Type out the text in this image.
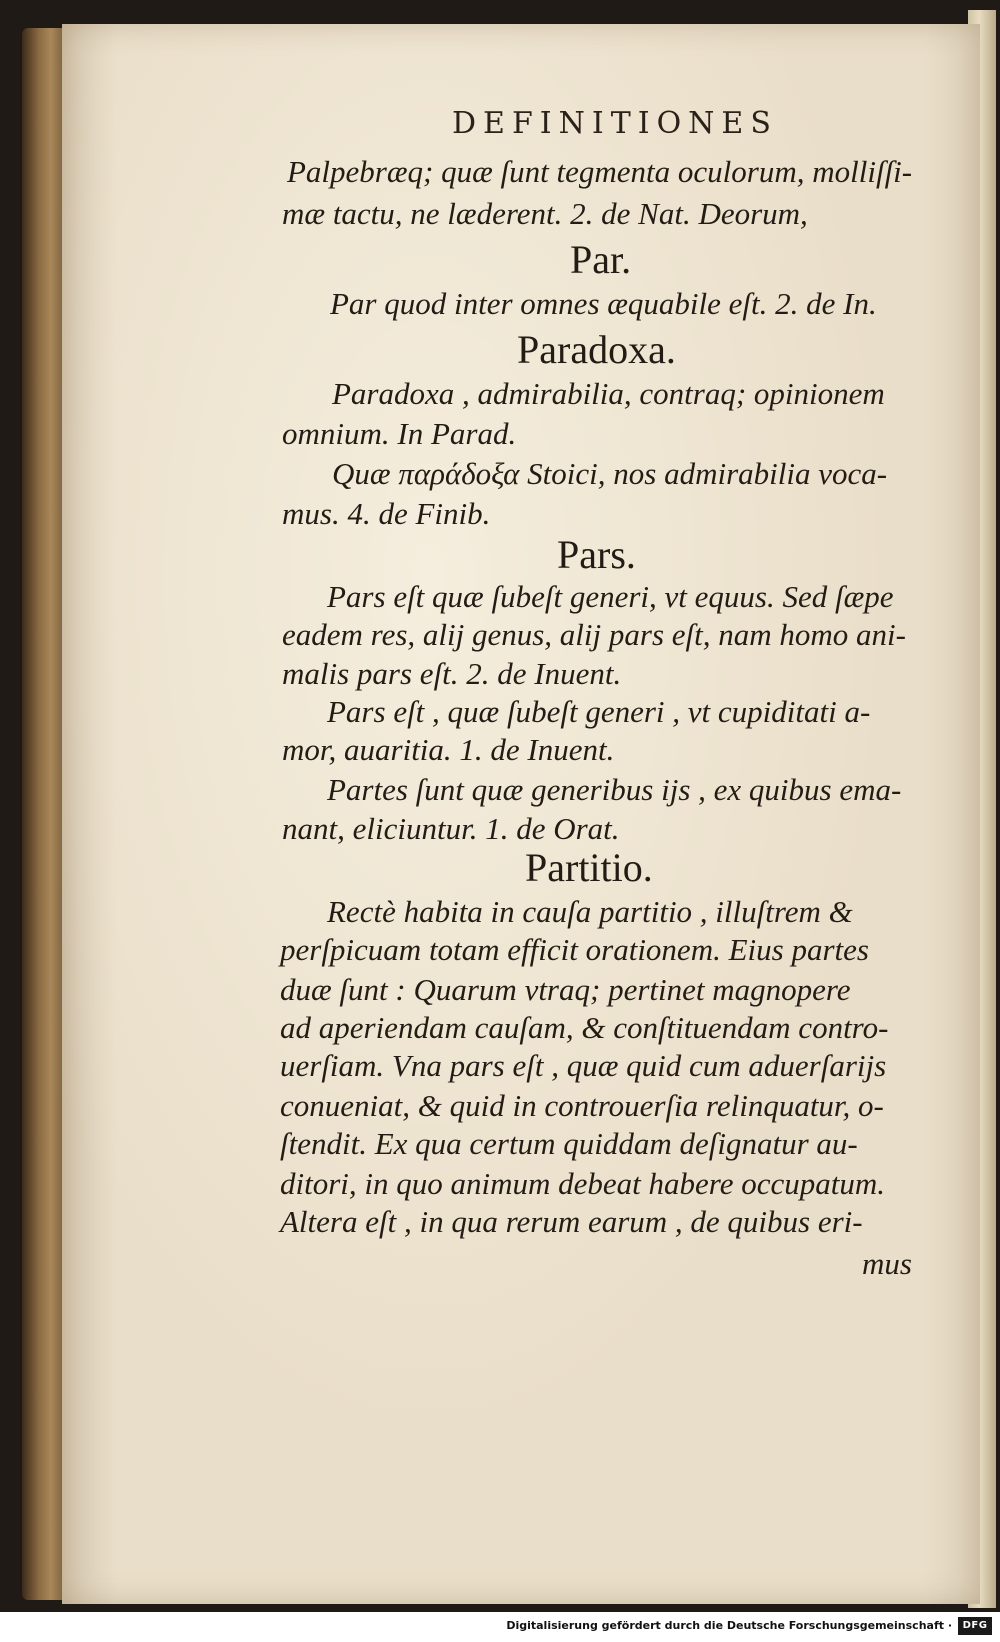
DEFINITIONES
Palpebræq; quæ ſunt tegmenta oculorum, molliſſi-
mæ tactu, ne læderent. 2. de Nat. Deorum,
Par.
Par quod inter omnes æquabile eſt. 2. de In.
Paradoxa.
Paradoxa , admirabilia, contraq; opinionem
omnium. In Parad.
Quæ παράδοξα Stoici, nos admirabilia voca-
mus. 4. de Finib.
Pars.
Pars eſt quæ ſubeſt generi, vt equus. Sed ſæpe
eadem res, alij genus, alij pars eſt, nam homo ani-
malis pars eſt. 2. de Inuent.
Pars eſt , quæ ſubeſt generi , vt cupiditati a-
mor, auaritia. 1. de Inuent.
Partes ſunt quæ generibus ijs , ex quibus ema-
nant, eliciuntur. 1. de Orat.
Partitio.
Rectè habita in cauſa partitio , illuſtrem &
perſpicuam totam efficit orationem. Eius partes
duæ ſunt : Quarum vtraq; pertinet magnopere
ad aperiendam cauſam, & conſtituendam contro-
uerſiam. Vna pars eſt , quæ quid cum aduerſarijs
conueniat, & quid in controuerſia relinquatur, o-
ſtendit. Ex qua certum quiddam deſignatur au-
ditori, in quo animum debeat habere occupatum.
Altera eſt , in qua rerum earum , de quibus eri-
mus
Digitalisierung gefördert durch die Deutsche Forschungsgemeinschaft ·	DFG
